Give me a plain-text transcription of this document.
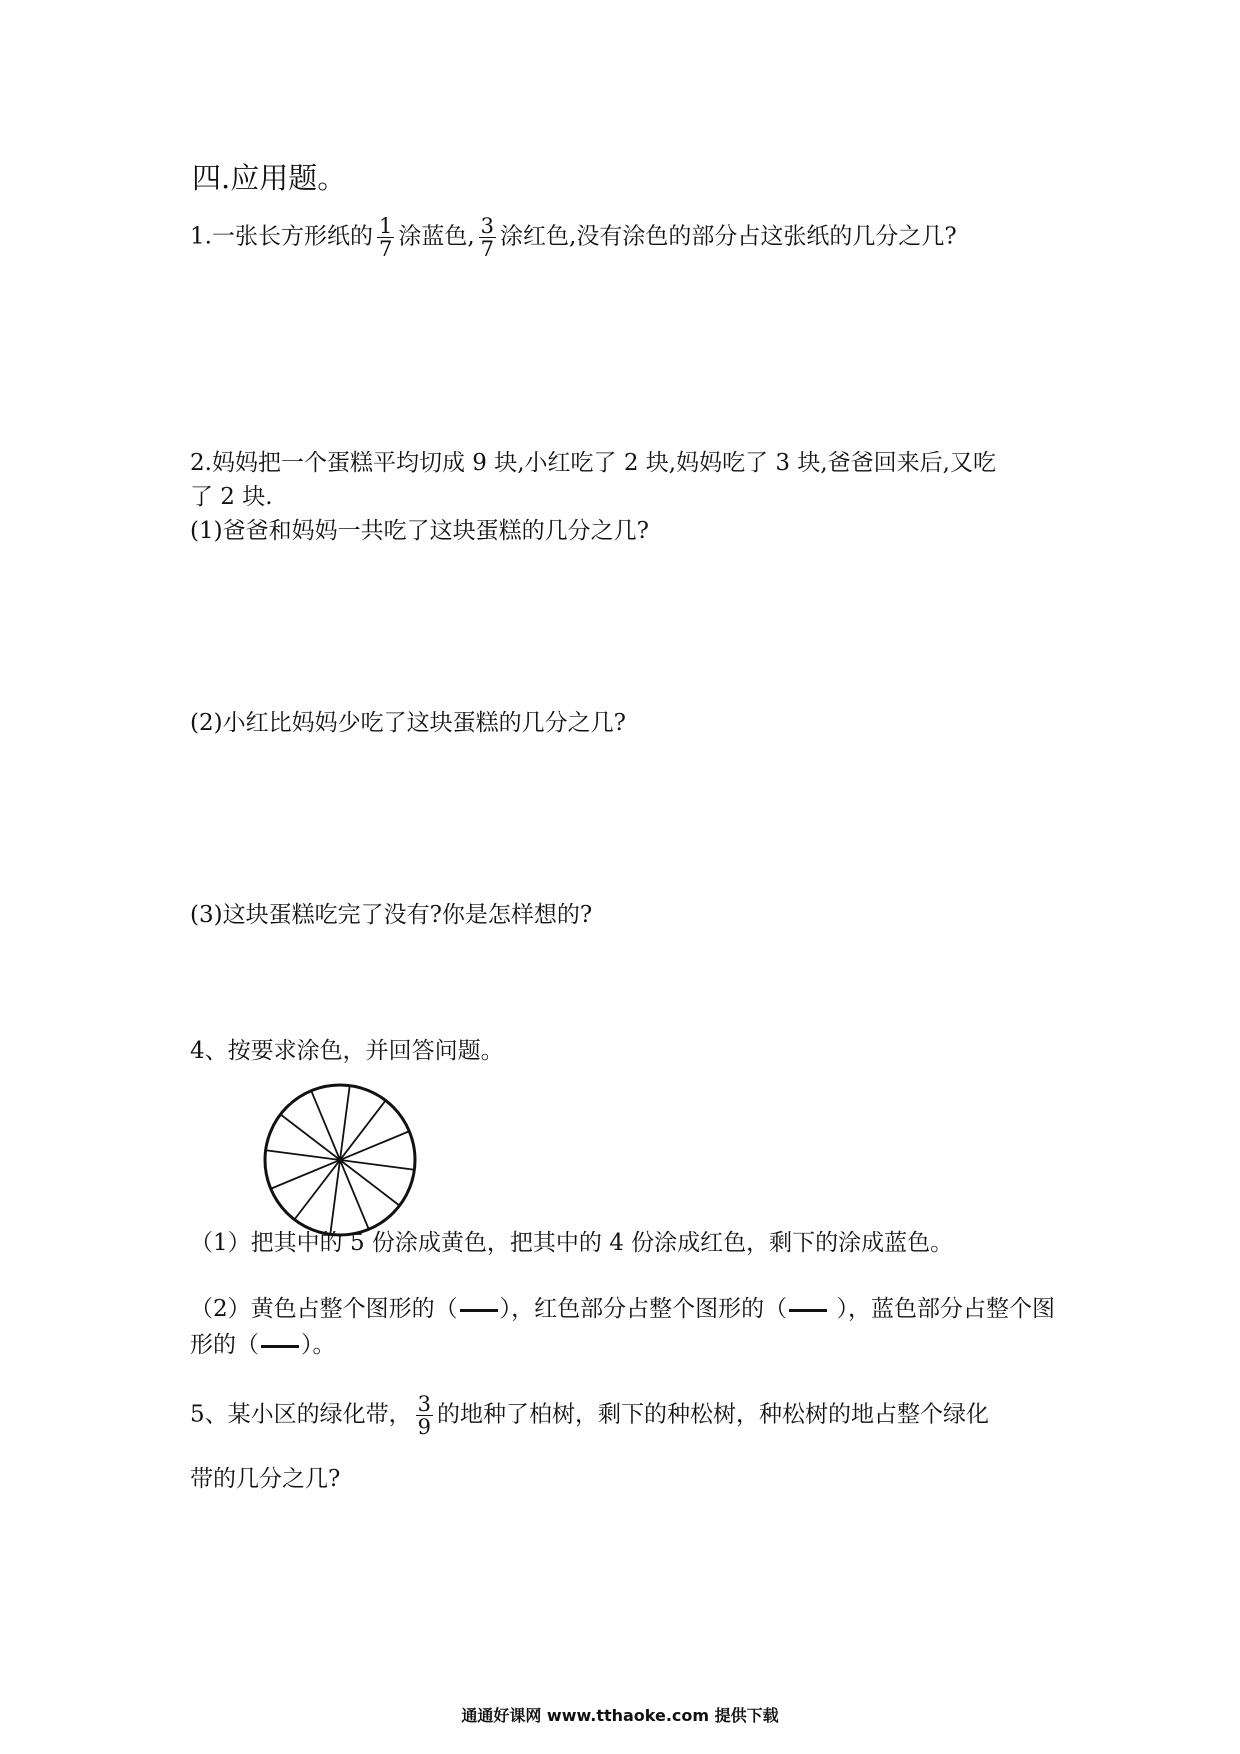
四.应用题。
1.一张长方形纸的 $\frac{1}{7}$ 涂蓝色, $\frac{3}{7}$ 涂红色,没有涂色的部分占这张纸的几分之几?
2.妈妈把一个蛋糕平均切成 9 块,小红吃了 2 块,妈妈吃了 3 块,爸爸回来后,又吃
了 2 块.
(1)爸爸和妈妈一共吃了这块蛋糕的几分之几?
(2)小红比妈妈少吃了这块蛋糕的几分之几?
(3)这块蛋糕吃完了没有?你是怎样想的?
4、按要求涂色，并回答问题。
（1）把其中的 5 份涂成黄色，把其中的 4 份涂成红色，剩下的涂成蓝色。
（2）黄色占整个图形的（ ），红色部分占整个图形的（ ），蓝色部分占整个图
形的（ ）。
5、某小区的绿化带， $\frac{3}{9}$ 的地种了柏树，剩下的种松树，种松树的地占整个绿化
带的几分之几?
通通好课网 www.tthaoke.com 提供下载
